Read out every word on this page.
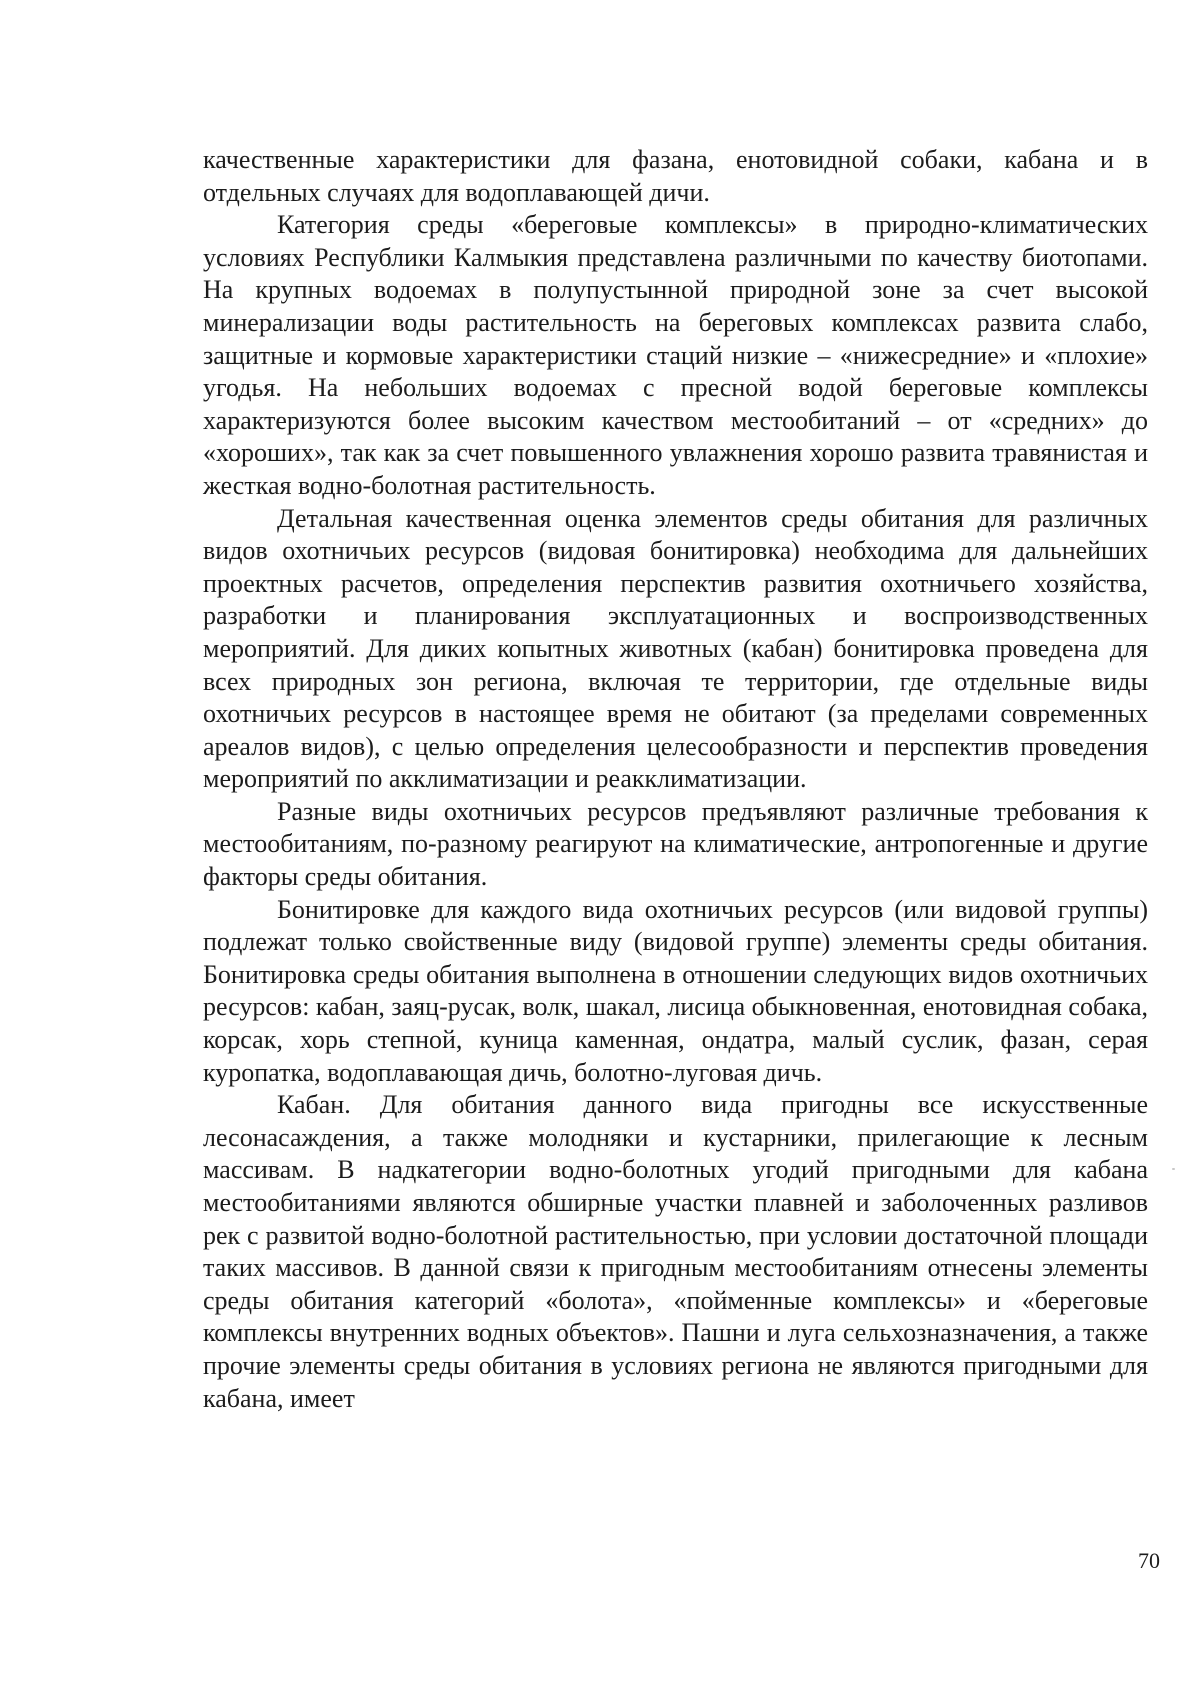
качественные характеристики для фазана, енотовидной собаки, кабана и в отдельных случаях для водоплавающей дичи.

Категория среды «береговые комплексы» в природно-климатических условиях Республики Калмыкия представлена различными по качеству биотопами. На крупных водоемах в полупустынной природной зоне за счет высокой минерализации воды растительность на береговых комплексах развита слабо, защитные и кормовые характеристики стаций низкие – «нижесредние» и «плохие» угодья. На небольших водоемах с пресной водой береговые комплексы характеризуются более высоким качеством местообитаний – от «средних» до «хороших», так как за счет повышенного увлажнения хорошо развита травянистая и жесткая водно-болотная растительность.

Детальная качественная оценка элементов среды обитания для различных видов охотничьих ресурсов (видовая бонитировка) необходима для дальнейших проектных расчетов, определения перспектив развития охотничьего хозяйства, разработки и планирования эксплуатационных и воспроизводственных мероприятий. Для диких копытных животных (кабан) бонитировка проведена для всех природных зон региона, включая те территории, где отдельные виды охотничьих ресурсов в настоящее время не обитают (за пределами современных ареалов видов), с целью определения целесообразности и перспектив проведения мероприятий по акклиматизации и реакклиматизации.

Разные виды охотничьих ресурсов предъявляют различные требования к местообитаниям, по-разному реагируют на климатические, антропогенные и другие факторы среды обитания.

Бонитировке для каждого вида охотничьих ресурсов (или видовой группы) подлежат только свойственные виду (видовой группе) элементы среды обитания. Бонитировка среды обитания выполнена в отношении следующих видов охотничьих ресурсов: кабан, заяц-русак, волк, шакал, лисица обыкновенная, енотовидная собака, корсак, хорь степной, куница каменная, ондатра, малый суслик, фазан, серая куропатка, водоплавающая дичь, болотно-луговая дичь.

Кабан. Для обитания данного вида пригодны все искусственные лесонасаждения, а также молодняки и кустарники, прилегающие к лесным массивам. В надкатегории водно-болотных угодий пригодными для кабана местообитаниями являются обширные участки плавней и заболоченных разливов рек с развитой водно-болотной растительностью, при условии достаточной площади таких массивов. В данной связи к пригодным местообитаниям отнесены элементы среды обитания категорий «болота», «пойменные комплексы» и «береговые комплексы внутренних водных объектов». Пашни и луга сельхозназначения, а также прочие элементы среды обитания в условиях региона не являются пригодными для кабана, имеет

70
